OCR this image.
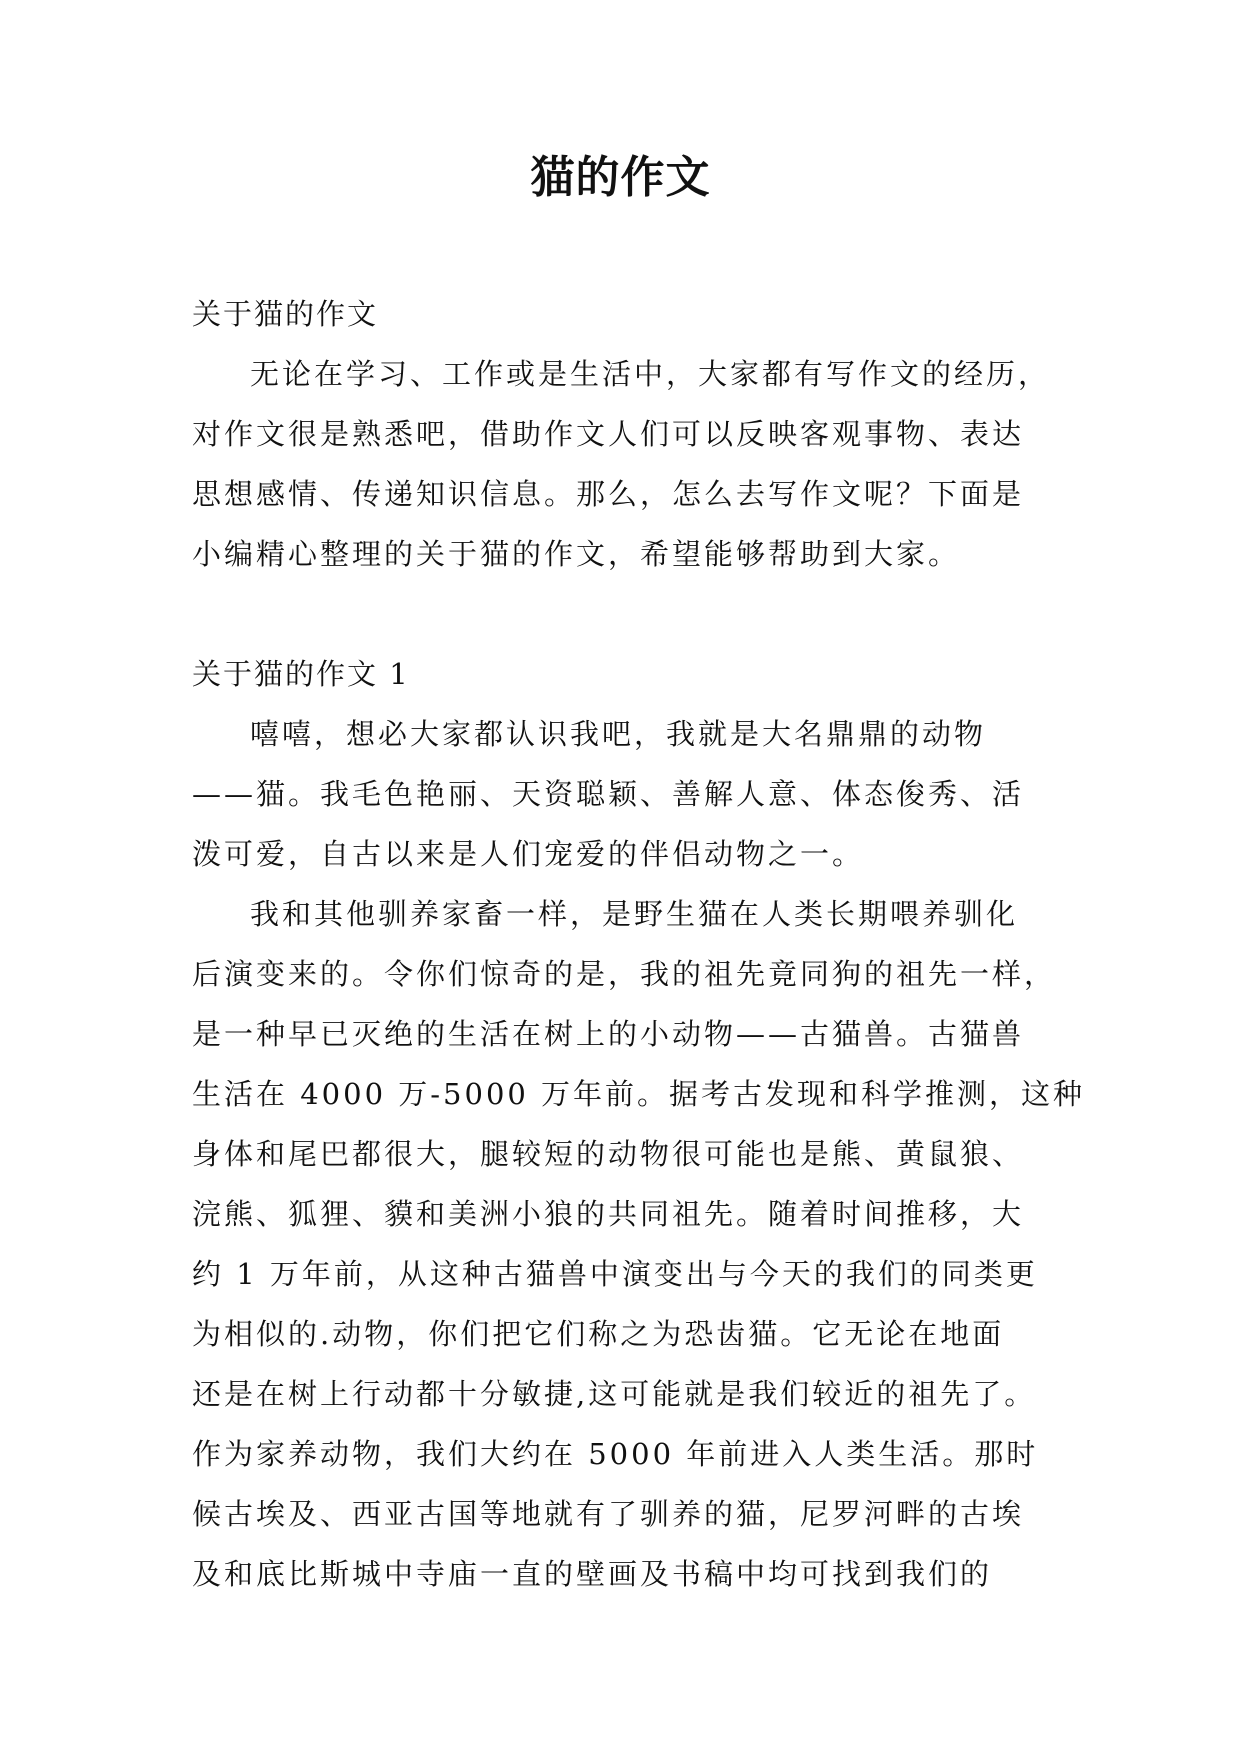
猫的作文

关于猫的作文

无论在学习、工作或是生活中，大家都有写作文的经历，
对作文很是熟悉吧，借助作文人们可以反映客观事物、表达
思想感情、传递知识信息。那么，怎么去写作文呢？下面是
小编精心整理的关于猫的作文，希望能够帮助到大家。

关于猫的作文 1

嘻嘻，想必大家都认识我吧，我就是大名鼎鼎的动物
——猫。我毛色艳丽、天资聪颖、善解人意、体态俊秀、活
泼可爱，自古以来是人们宠爱的伴侣动物之一。

我和其他驯养家畜一样，是野生猫在人类长期喂养驯化
后演变来的。令你们惊奇的是，我的祖先竟同狗的祖先一样，
是一种早已灭绝的生活在树上的小动物——古猫兽。古猫兽
生活在 4000 万-5000 万年前。据考古发现和科学推测，这种
身体和尾巴都很大，腿较短的动物很可能也是熊、黄鼠狼、
浣熊、狐狸、貘和美洲小狼的共同祖先。随着时间推移，大
约 1 万年前，从这种古猫兽中演变出与今天的我们的同类更
为相似的.动物，你们把它们称之为恐齿猫。它无论在地面
还是在树上行动都十分敏捷,这可能就是我们较近的祖先了。
作为家养动物，我们大约在 5000 年前进入人类生活。那时
候古埃及、西亚古国等地就有了驯养的猫，尼罗河畔的古埃
及和底比斯城中寺庙一直的壁画及书稿中均可找到我们的
